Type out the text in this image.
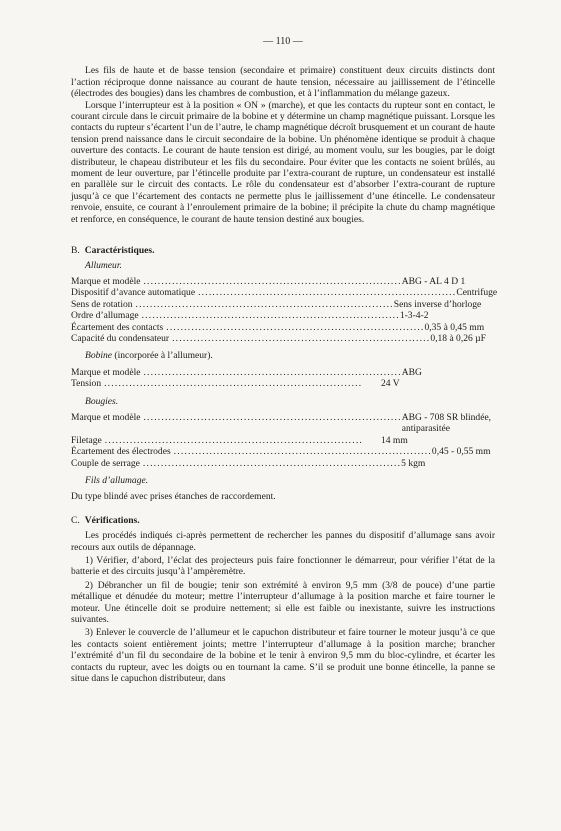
— 110 —

Les fils de haute et de basse tension (secondaire et primaire) constituent deux circuits distincts dont l’action réciproque donne naissance au courant de haute tension, nécessaire au jaillissement de l’étincelle (électrodes des bougies) dans les chambres de combustion, et à l’inflammation du mélange gazeux.

Lorsque l’interrupteur est à la position « ON » (marche), et que les contacts du rupteur sont en contact, le courant circule dans le circuit primaire de la bobine et y détermine un champ magnétique puissant. Lorsque les contacts du rupteur s’écartent l’un de l’autre, le champ magnétique décroît brusquement et un courant de haute tension prend naissance dans le circuit secondaire de la bobine. Un phénomène identique se produit à chaque ouverture des contacts. Le courant de haute tension est dirigé, au moment voulu, sur les bougies, par le doigt distributeur, le chapeau distributeur et les fils du secondaire. Pour éviter que les contacts ne soient brûlés, au moment de leur ouverture, par l’étincelle produite par l’extra-courant de rupture, un condensateur est installé en parallèle sur le circuit des contacts. Le rôle du condensateur est d’absorber l’extra-courant de rupture jusqu’à ce que l’écartement des contacts ne permette plus le jaillissement d’une étincelle. Le condensateur renvoie, ensuite, ce courant à l’enroulement primaire de la bobine; il précipite la chute du champ magnétique et renforce, en conséquence, le courant de haute tension destiné aux bougies.

B. Caractéristiques.
Allumeur.
Marque et modèle ........................................................................ ABG - AL 4 D 1
Dispositif d’avance automatique ........................................................................ Centrifuge
Sens de rotation ........................................................................ Sens inverse d’horloge
Ordre d’allumage ........................................................................ 1-3-4-2
Écartement des contacts ........................................................................ 0,35 à 0,45 mm
Capacité du condensateur ........................................................................ 0,18 à 0,26 µF
Bobine (incorporée à l’allumeur).
Marque et modèle ........................................................................ ABG
Tension ........................................................................	24 V
Bougies.
Marque et modèle ........................................................................ ABG - 708 SR blindée, antiparasitée
Filetage ........................................................................	14 mm
Écartement des électrodes ........................................................................ 0,45 - 0,55 mm
Couple de serrage ........................................................................ 5 kgm
Fils d’allumage.

Du type blindé avec prises étanches de raccordement.

C. Vérifications.

Les procédés indiqués ci-après permettent de rechercher les pannes du dispositif d’allumage sans avoir recours aux outils de dépannage.

1) Vérifier, d’abord, l’éclat des projecteurs puis faire fonctionner le démarreur, pour vérifier l’état de la batterie et des circuits jusqu’à l’ampèremètre.

2) Débrancher un fil de bougie; tenir son extrémité à environ 9,5 mm (3/8 de pouce) d’une partie métallique et dénudée du moteur; mettre l’interrupteur d’allumage à la position marche et faire tourner le moteur. Une étincelle doit se produire nettement; si elle est faible ou inexistante, suivre les instructions suivantes.

3) Enlever le couvercle de l’allumeur et le capuchon distributeur et faire tourner le moteur jusqu’à ce que les contacts soient entièrement joints; mettre l’interrupteur d’allumage à la position marche; brancher l’extrémité d’un fil du secondaire de la bobine et le tenir à environ 9,5 mm du bloc-cylindre, et écarter les contacts du rupteur, avec les doigts ou en tournant la came. S’il se produit une bonne étincelle, la panne se situe dans le capuchon distributeur, dans
